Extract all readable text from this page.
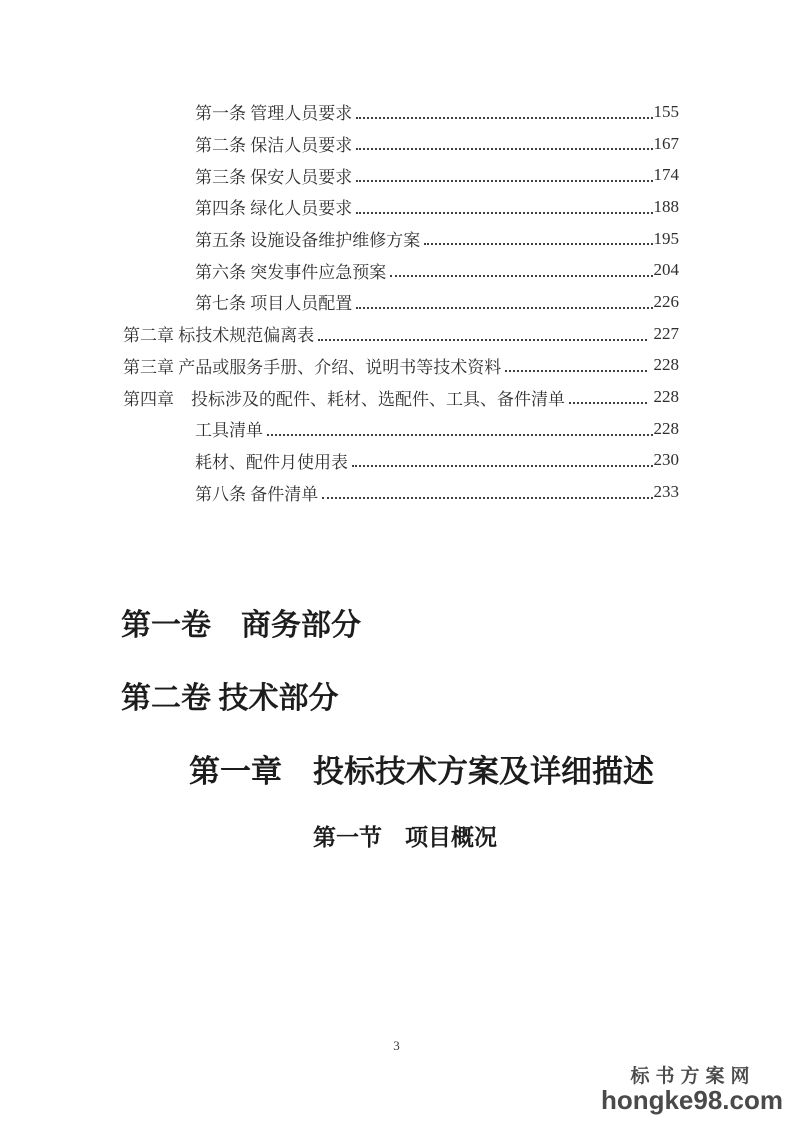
第一条 管理人员要求	155
第二条 保洁人员要求	167
第三条 保安人员要求	174
第四条 绿化人员要求	188
第五条 设施设备维护维修方案	195
第六条 突发事件应急预案	204
第七条 项目人员配置	226
第二章 标技术规范偏离表	227
第三章 产品或服务手册、介绍、说明书等技术资料	228
第四章　投标涉及的配件、耗材、选配件、工具、备件清单	228
工具清单	228
耗材、配件月使用表	230
第八条 备件清单	233
第一卷　商务部分
第二卷 技术部分
第一章　投标技术方案及详细描述
第一节　项目概况
3
标书方案网
hongke98.com
